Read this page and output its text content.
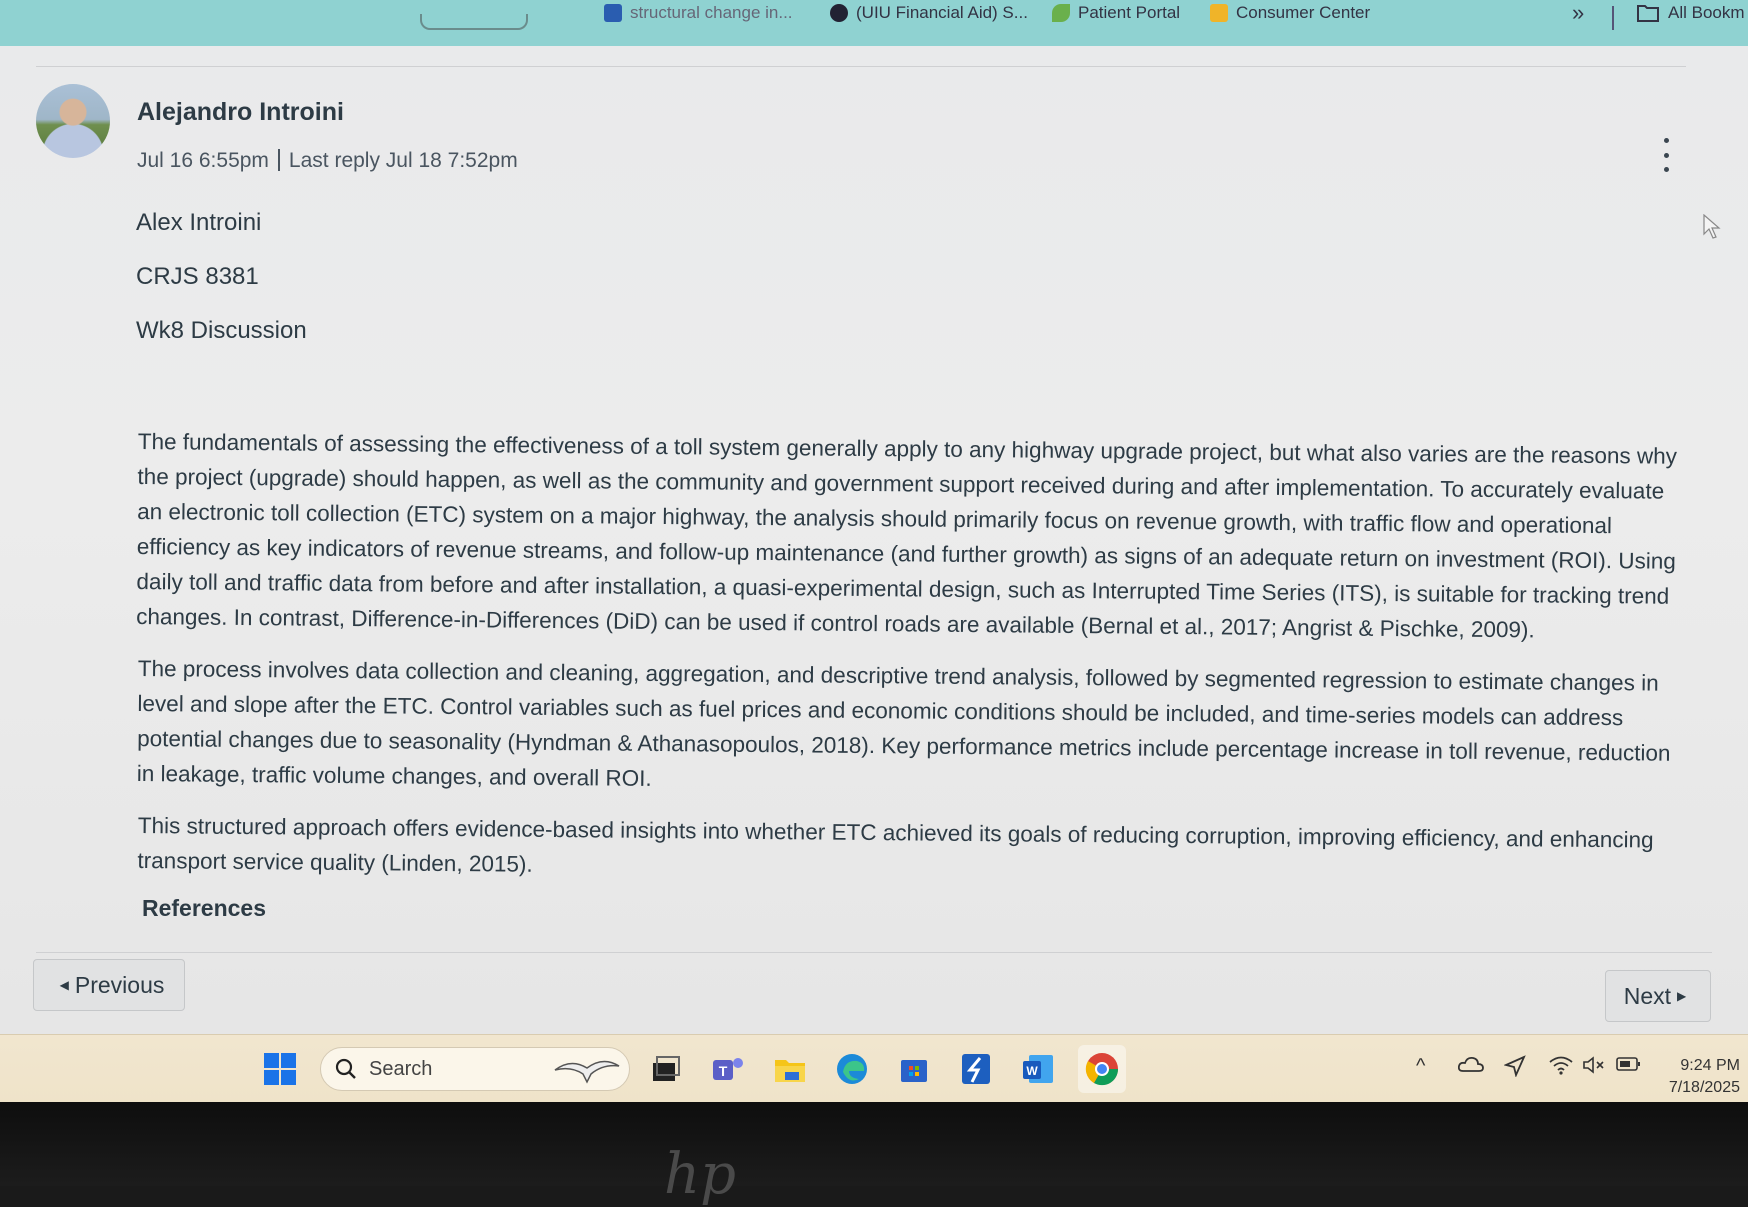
structural change in...	(UIU Financial Aid) S...	Patient Portal	Consumer Center	»	All Bookm
Alejandro Introini
Jul 16 6:55pm Last reply Jul 18 7:52pm
Alex Introini
CRJS 8381
Wk8 Discussion

The fundamentals of assessing the effectiveness of a toll system generally apply to any highway upgrade project, but what also varies are the reasons why the project (upgrade) should happen, as well as the community and government support received during and after implementation. To accurately evaluate an electronic toll collection (ETC) system on a major highway, the analysis should primarily focus on revenue growth, with traffic flow and operational efficiency as key indicators of revenue streams, and follow-up maintenance (and further growth) as signs of an adequate return on investment (ROI). Using daily toll and traffic data from before and after installation, a quasi-experimental design, such as Interrupted Time Series (ITS), is suitable for tracking trend changes. In contrast, Difference-in-Differences (DiD) can be used if control roads are available (Bernal et al., 2017; Angrist & Pischke, 2009).

The process involves data collection and cleaning, aggregation, and descriptive trend analysis, followed by segmented regression to estimate changes in level and slope after the ETC. Control variables such as fuel prices and economic conditions should be included, and time-series models can address potential changes due to seasonality (Hyndman & Athanasopoulos, 2018). Key performance metrics include percentage increase in toll revenue, reduction in leakage, traffic volume changes, and overall ROI.

This structured approach offers evidence-based insights into whether ETC achieved its goals of reducing corruption, improving efficiency, and enhancing transport service quality (Linden, 2015).

References
◀ Previous	Next ▶
Search	T	W	^	9:24 PM
7/18/2025
hp
